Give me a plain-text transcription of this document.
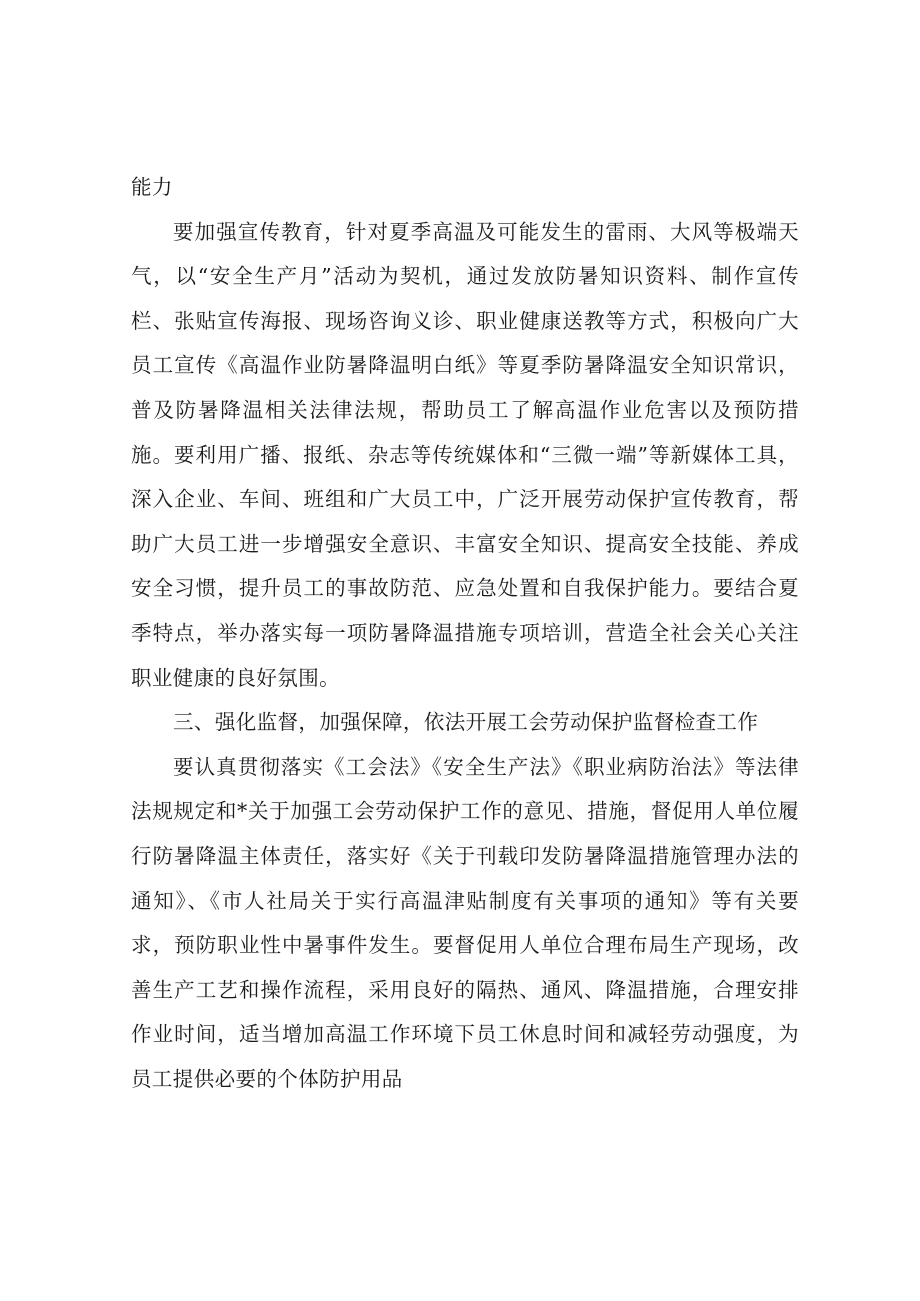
能力

要加强宣传教育，针对夏季高温及可能发生的雷雨、大风等极端天气，以“安全生产月”活动为契机，通过发放防暑知识资料、制作宣传栏、张贴宣传海报、现场咨询义诊、职业健康送教等方式，积极向广大员工宣传《高温作业防暑降温明白纸》等夏季防暑降温安全知识常识，普及防暑降温相关法律法规，帮助员工了解高温作业危害以及预防措施。要利用广播、报纸、杂志等传统媒体和“三微一端”等新媒体工具，深入企业、车间、班组和广大员工中，广泛开展劳动保护宣传教育，帮助广大员工进一步增强安全意识、丰富安全知识、提高安全技能、养成安全习惯，提升员工的事故防范、应急处置和自我保护能力。要结合夏季特点，举办落实每一项防暑降温措施专项培训，营造全社会关心关注职业健康的良好氛围。

三、强化监督，加强保障，依法开展工会劳动保护监督检查工作

要认真贯彻落实《工会法》《安全生产法》《职业病防治法》等法律法规规定和*关于加强工会劳动保护工作的意见、措施，督促用人单位履行防暑降温主体责任，落实好《关于刊载印发防暑降温措施管理办法的通知》、《市人社局关于实行高温津贴制度有关事项的通知》等有关要求，预防职业性中暑事件发生。要督促用人单位合理布局生产现场，改善生产工艺和操作流程，采用良好的隔热、通风、降温措施，合理安排作业时间，适当增加高温工作环境下员工休息时间和减轻劳动强度，为员工提供必要的个体防护用品
